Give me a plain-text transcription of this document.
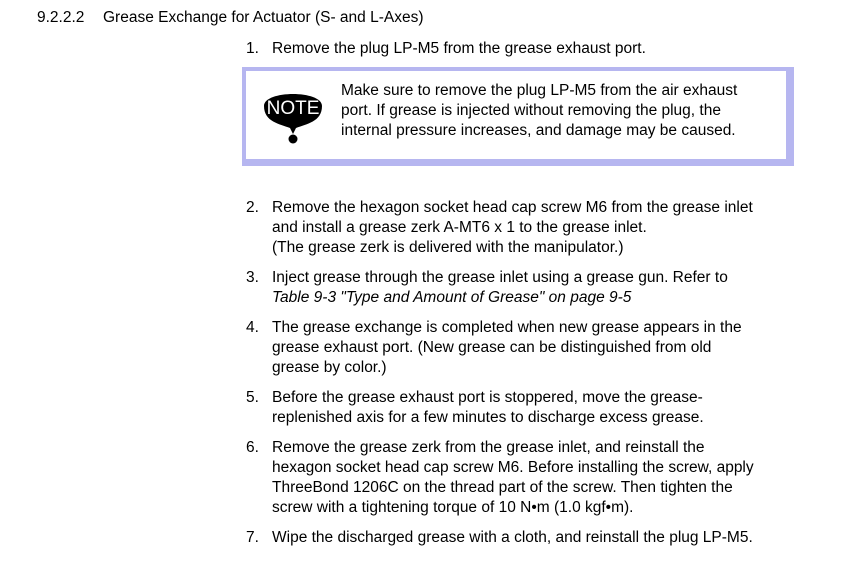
9.2.2.2 Grease Exchange for Actuator (S- and L-Axes)
1. Remove the plug LP-M5 from the grease exhaust port.
NOTE
Make sure to remove the plug LP-M5 from the air exhaust
port. If grease is injected without removing the plug, the
internal pressure increases, and damage may be caused.
2. Remove the hexagon socket head cap screw M6 from the grease inlet
and install a grease zerk A-MT6 x 1 to the grease inlet.
(The grease zerk is delivered with the manipulator.)
3. Inject grease through the grease inlet using a grease gun. Refer to
Table 9-3 "Type and Amount of Grease" on page 9-5
4. The grease exchange is completed when new grease appears in the
grease exhaust port. (New grease can be distinguished from old
grease by color.)
5. Before the grease exhaust port is stoppered, move the grease-
replenished axis for a few minutes to discharge excess grease.
6. Remove the grease zerk from the grease inlet, and reinstall the
hexagon socket head cap screw M6. Before installing the screw, apply
ThreeBond 1206C on the thread part of the screw. Then tighten the
screw with a tightening torque of 10 N•m (1.0 kgf•m).
7. Wipe the discharged grease with a cloth, and reinstall the plug LP-M5.
